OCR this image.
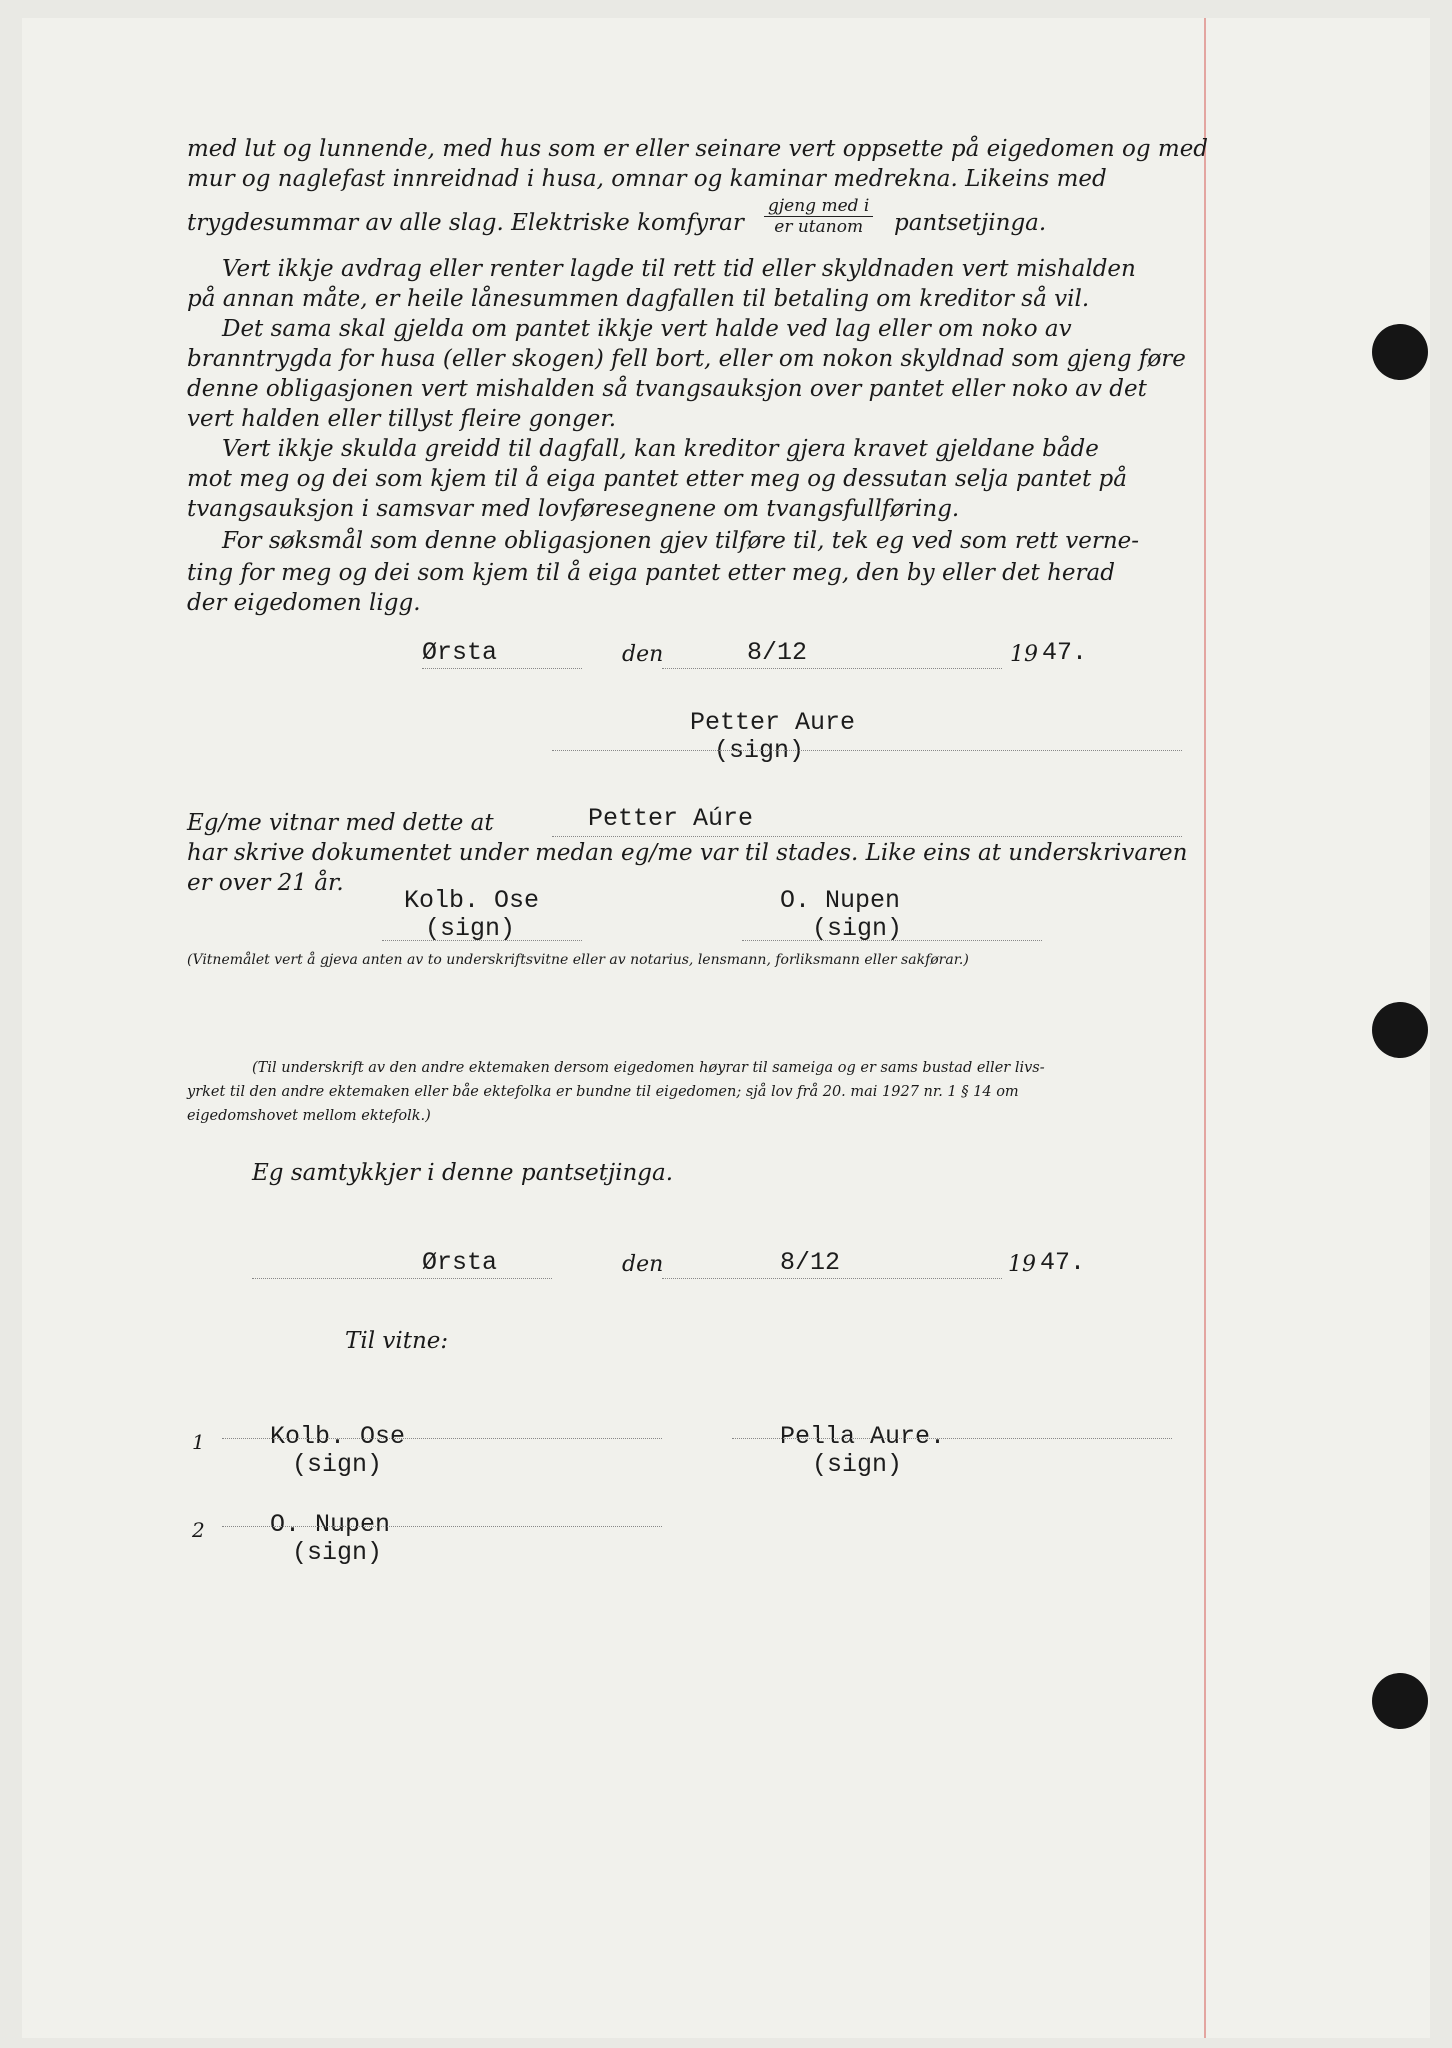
med lut og lunnende, med hus som er eller seinare vert oppsette på eigedomen og med
mur og naglefast innreidnad i husa, omnar og kaminar medrekna. Likeins med
trygdesummar av alle slag. Elektriske komfyrar
gjeng med i
er utanom	pantsetjinga.
Vert ikkje avdrag eller renter lagde til rett tid eller skyldnaden vert mishalden
på annan måte, er heile lånesummen dagfallen til betaling om kreditor så vil.
Det sama skal gjelda om pantet ikkje vert halde ved lag eller om noko av
branntrygda for husa (eller skogen) fell bort, eller om nokon skyldnad som gjeng føre
denne obligasjonen vert mishalden så tvangsauksjon over pantet eller noko av det
vert halden eller tillyst fleire gonger.
Vert ikkje skulda greidd til dagfall, kan kreditor gjera kravet gjeldane både
mot meg og dei som kjem til å eiga pantet etter meg og dessutan selja pantet på
tvangsauksjon i samsvar med lovføresegnene om tvangsfullføring.
For søksmål som denne obligasjonen gjev tilføre til, tek eg ved som rett verne-
ting for meg og dei som kjem til å eiga pantet etter meg, den by eller det herad
der eigedomen ligg.
Ørsta	den	8/12	19 47.
Petter Aure
(sign)
Eg/me vitnar med dette at	Petter Aúre
har skrive dokumentet under medan eg/me var til stades. Like eins at underskrivaren
er over 21 år.
Kolb. Ose
(sign)
O. Nupen
(sign)
(Vitnemålet vert å gjeva anten av to underskriftsvitne eller av notarius, lensmann, forliksmann eller sakførar.)
(Til underskrift av den andre ektemaken dersom eigedomen høyrar til sameiga og er sams bustad eller livs-
yrket til den andre ektemaken eller båe ektefolka er bundne til eigedomen; sjå lov frå 20. mai 1927 nr. 1 § 14 om
eigedomshovet mellom ektefolk.)
Eg samtykkjer i denne pantsetjinga.
Ørsta	den	8/12	19 47.
Til vitne:
1	Kolb. Ose
(sign)
2	O. Nupen
(sign)
Pella Aure.
(sign)
